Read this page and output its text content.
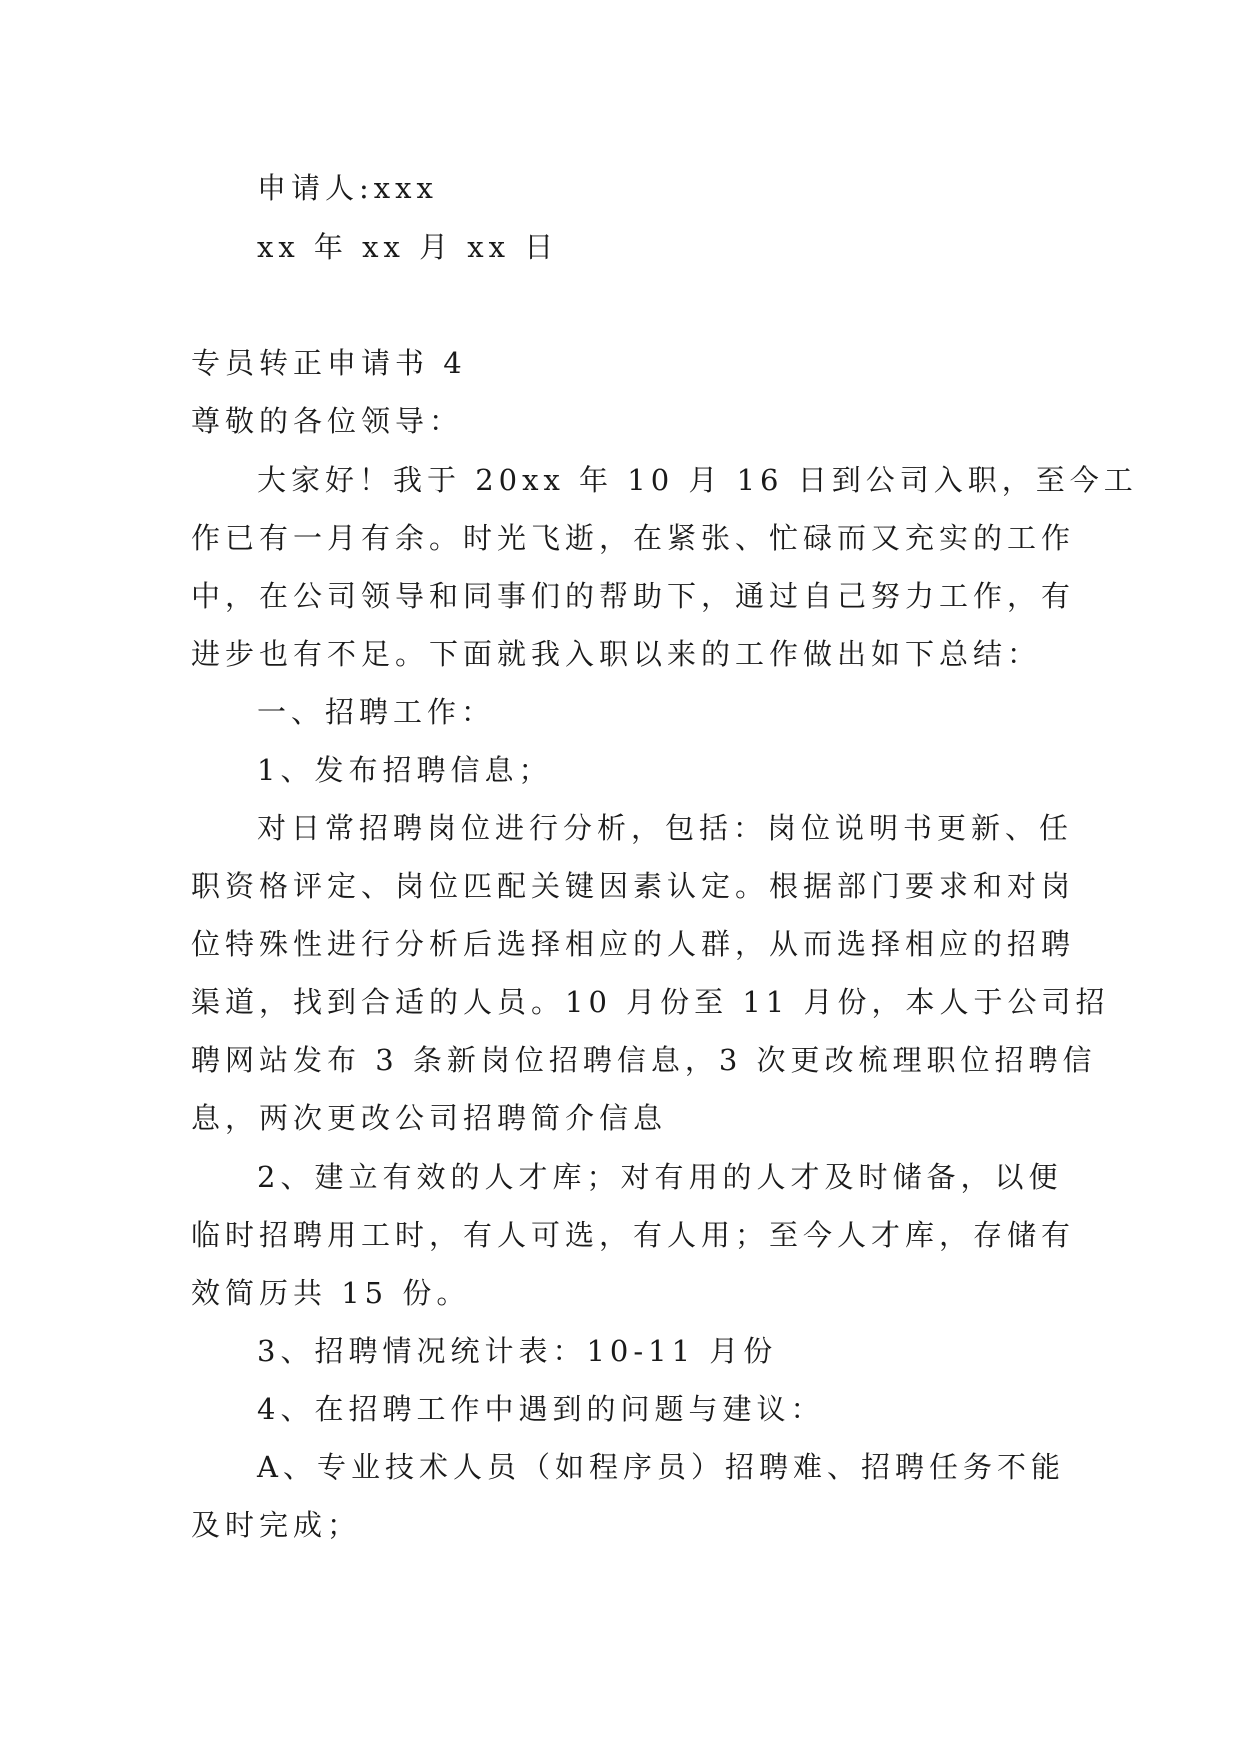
申请人:xxx

xx 年 xx 月 xx 日

专员转正申请书 4

尊敬的各位领导：

大家好！我于 20xx 年 10 月 16 日到公司入职，至今工

作已有一月有余。时光飞逝，在紧张、忙碌而又充实的工作

中，在公司领导和同事们的帮助下，通过自己努力工作，有

进步也有不足。下面就我入职以来的工作做出如下总结：

一、招聘工作：

1、发布招聘信息；

对日常招聘岗位进行分析，包括：岗位说明书更新、任

职资格评定、岗位匹配关键因素认定。根据部门要求和对岗

位特殊性进行分析后选择相应的人群，从而选择相应的招聘

渠道，找到合适的人员。10 月份至 11 月份，本人于公司招

聘网站发布 3 条新岗位招聘信息，3 次更改梳理职位招聘信

息，两次更改公司招聘简介信息

2、建立有效的人才库；对有用的人才及时储备，以便

临时招聘用工时，有人可选，有人用；至今人才库，存储有

效简历共 15 份。

3、招聘情况统计表：10-11 月份

4、在招聘工作中遇到的问题与建议：

A、专业技术人员（如程序员）招聘难、招聘任务不能

及时完成；
